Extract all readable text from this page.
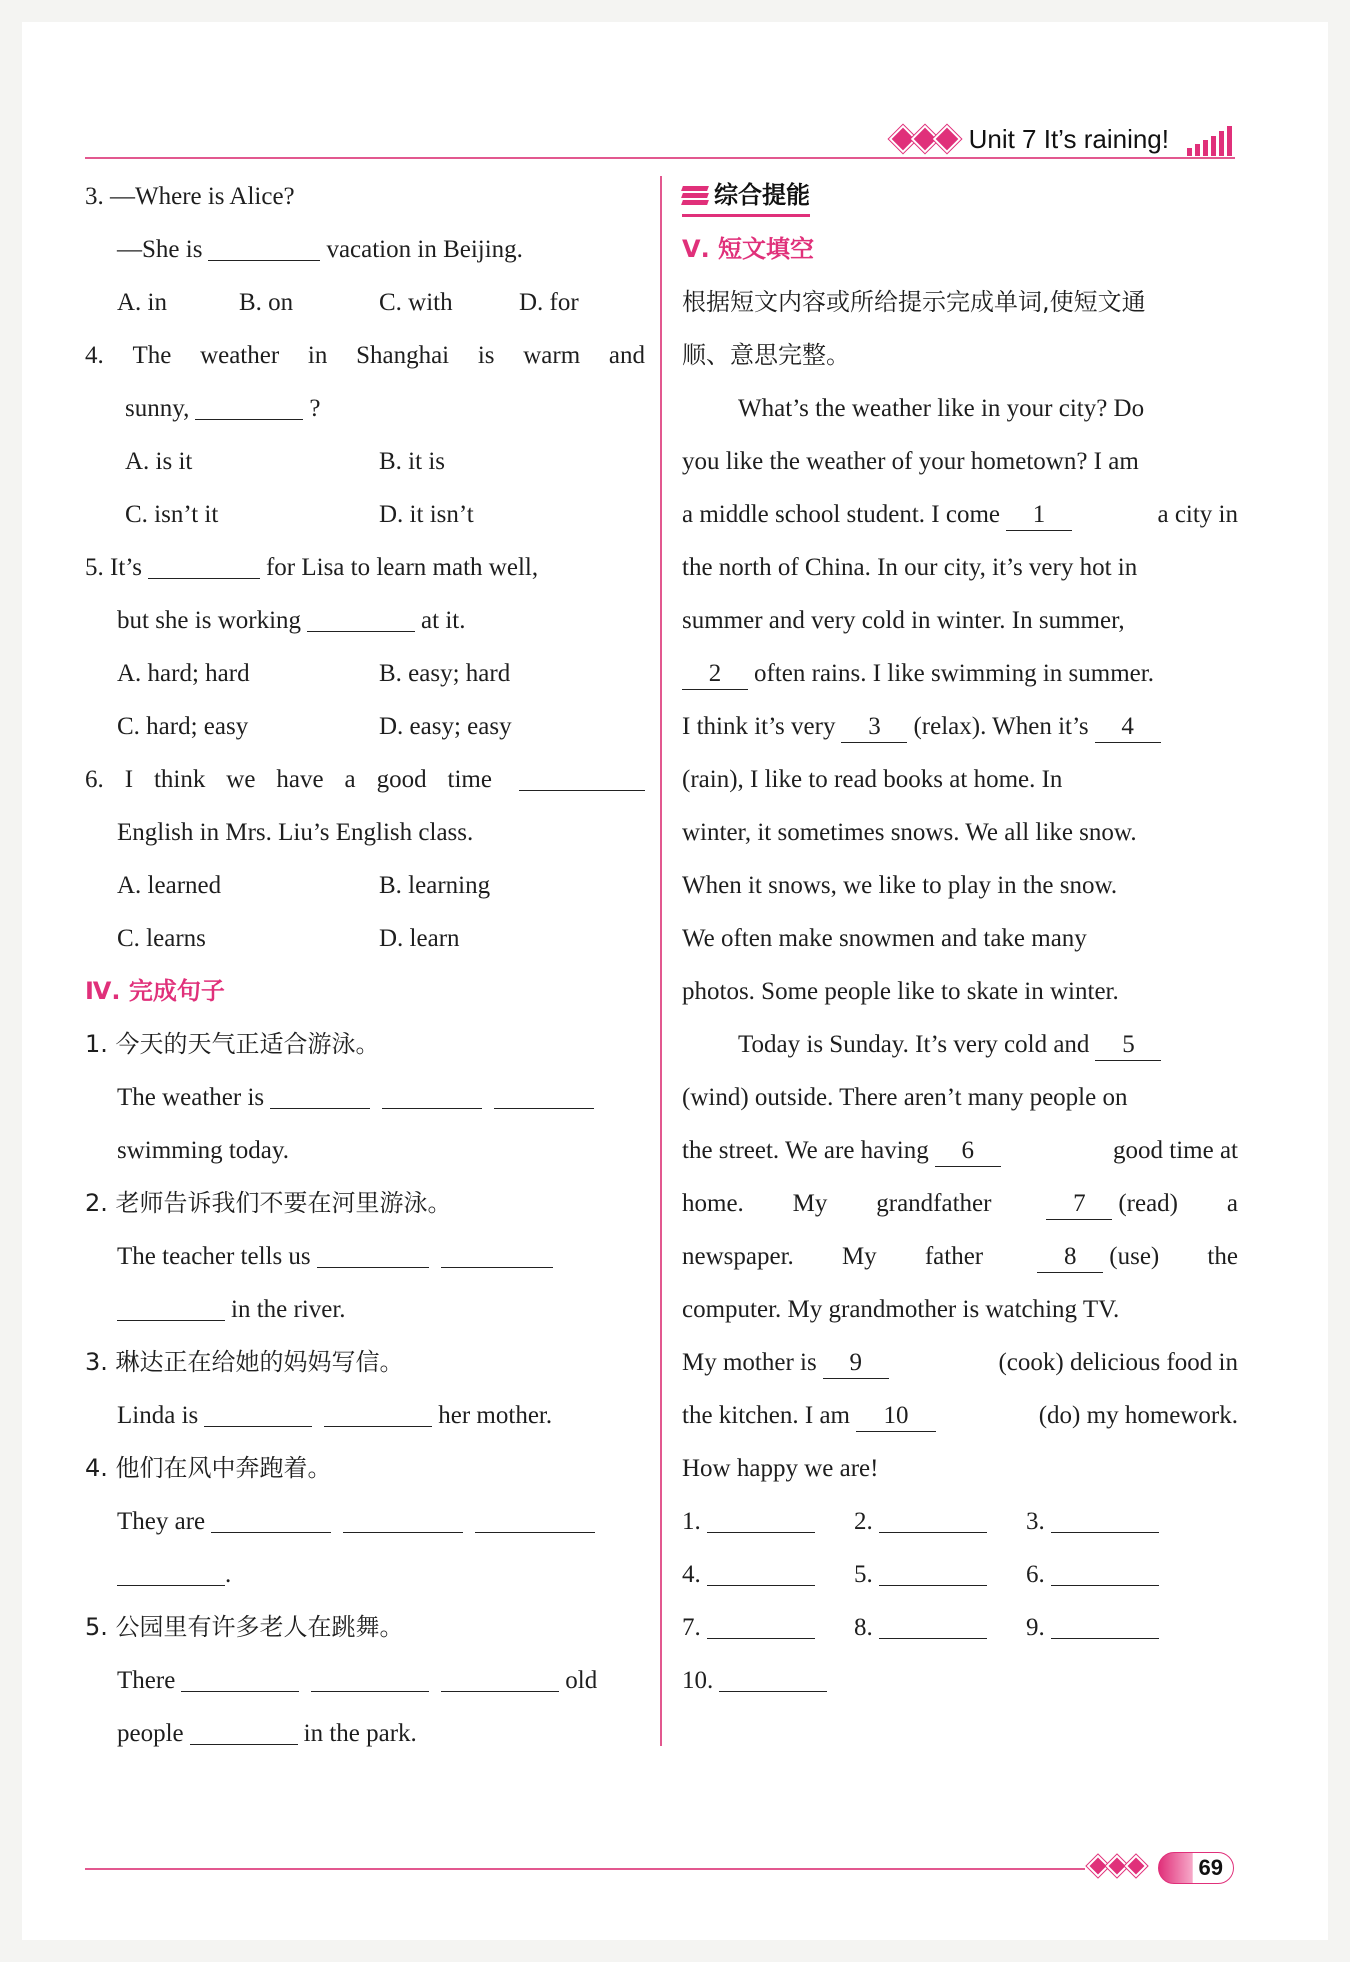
Unit 7 It’s raining!
3. —Where is Alice?
—She is	vacation in Beijing.
A. in	B. on	C. with	D. for
4. The weather in Shanghai is warm and
sunny,	?
A. is it	B. it is
C. isn’t it	D. it isn’t
5. It’s	for Lisa to learn math well,
but she is working	at it.
A. hard; hard	B. easy; hard
C. hard; easy	D. easy; easy
6. I think we have a good time
English in Mrs. Liu’s English class.
A. learned	B. learning
C. learns	D. learn
Ⅳ. 完成句子
1. 今天的天气正适合游泳。
The weather is
swimming today.
2. 老师告诉我们不要在河里游泳。
The teacher tells us
in the river.
3. 琳达正在给她的妈妈写信。
Linda is	her mother.
4. 他们在风中奔跑着。
They are
.
5. 公园里有许多老人在跳舞。
There	old
people	in the park.
综合提能
Ⅴ. 短文填空
根据短文内容或所给提示完成单词,使短文通
顺、意思完整。
What’s the weather like in your city? Do
you like the weather of your hometown? I am
a middle school student. I come 1	a city in
the north of China. In our city, it’s very hot in
summer and very cold in winter. In summer,
2 often rains. I like swimming in summer.
I think it’s very 3 (relax). When it’s 4
(rain), I like to read books at home. In
winter, it sometimes snows. We all like snow.
When it snows, we like to play in the snow.
We often make snowmen and take many
photos. Some people like to skate in winter.
Today is Sunday. It’s very cold and 5
(wind) outside. There aren’t many people on
the street. We are having 6	good time at
home. My grandfather	7 (read) a
newspaper. My father	8 (use) the
computer. My grandmother is watching TV.
My mother is 9	(cook) delicious food in
the kitchen. I am 10	(do) my homework.
How happy we are!
1.	2.	3.
4.	5.	6.
7.	8.	9.
10.
69
